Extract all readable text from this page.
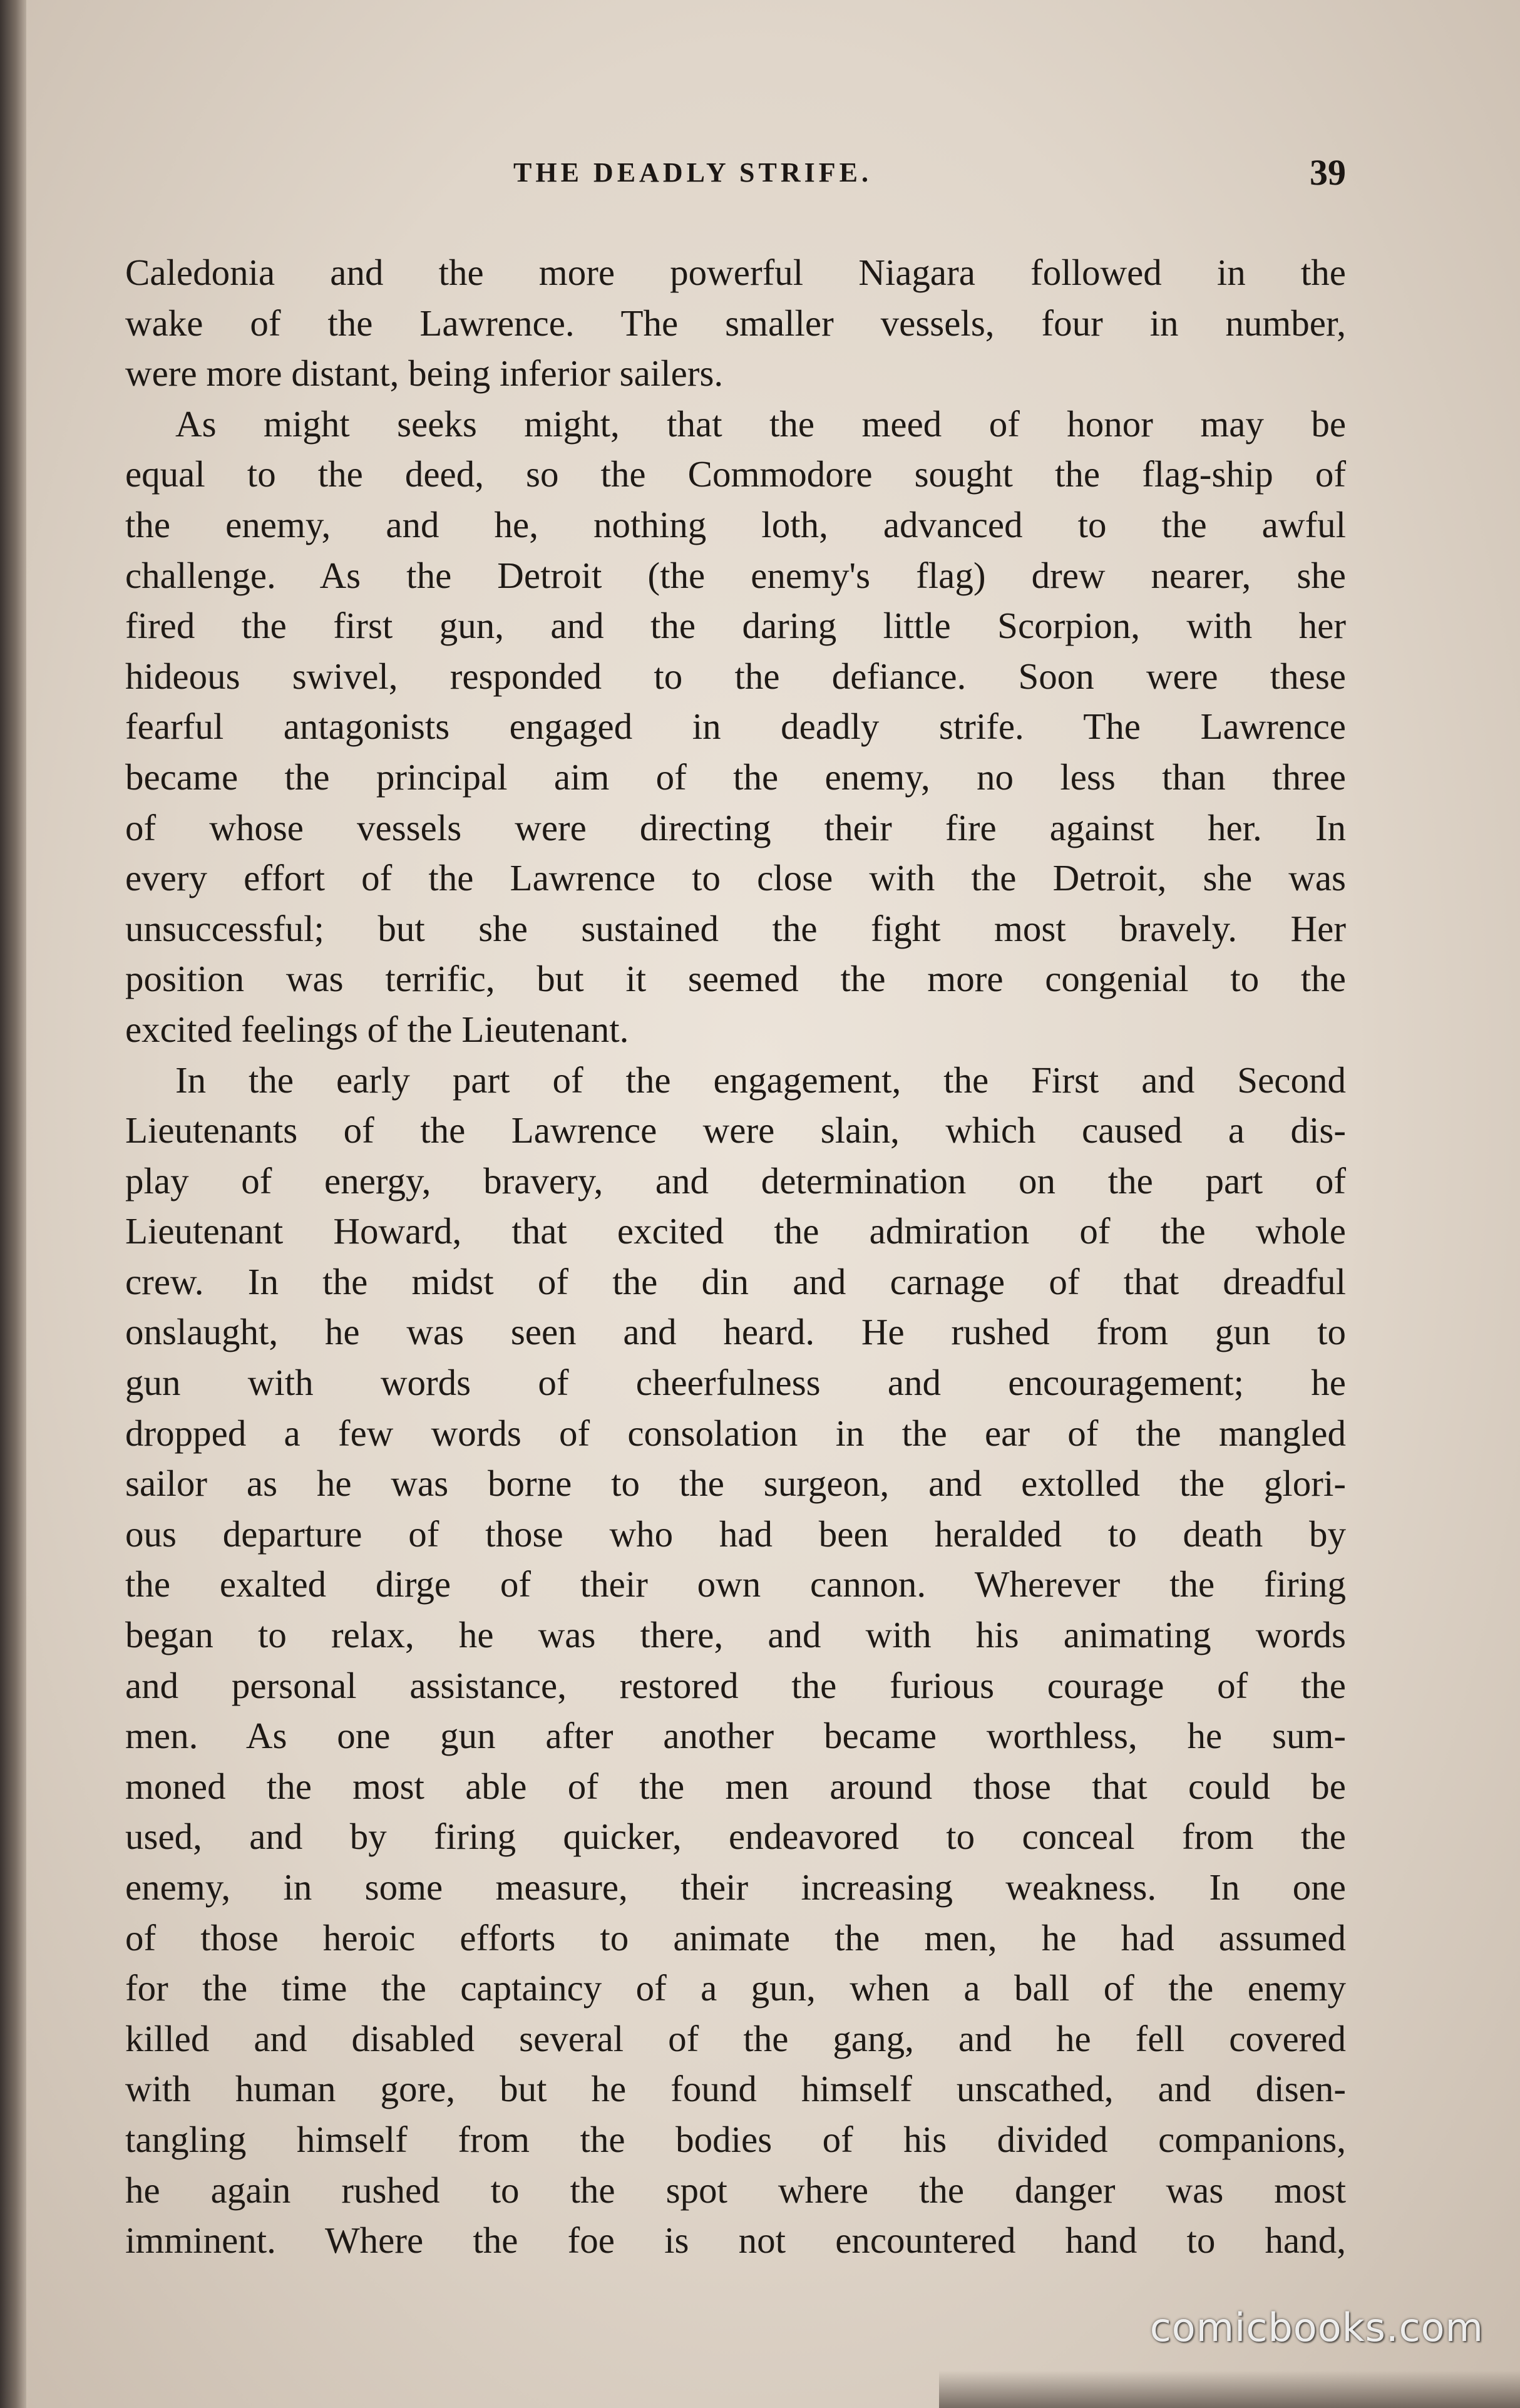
THE DEADLY STRIFE.	39
Caledonia and the more powerful Niagara followed in the
wake of the Lawrence. The smaller vessels, four in number,
were more distant, being inferior sailers.
As might seeks might, that the meed of honor may be
equal to the deed, so the Commodore sought the flag-ship of
the enemy, and he, nothing loth, advanced to the awful
challenge. As the Detroit (the enemy's flag) drew nearer, she
fired the first gun, and the daring little Scorpion, with her
hideous swivel, responded to the defiance. Soon were these
fearful antagonists engaged in deadly strife. The Lawrence
became the principal aim of the enemy, no less than three
of whose vessels were directing their fire against her. In
every effort of the Lawrence to close with the Detroit, she was
unsuccessful; but she sustained the fight most bravely. Her
position was terrific, but it seemed the more congenial to the
excited feelings of the Lieutenant.
In the early part of the engagement, the First and Second
Lieutenants of the Lawrence were slain, which caused a dis-
play of energy, bravery, and determination on the part of
Lieutenant Howard, that excited the admiration of the whole
crew. In the midst of the din and carnage of that dreadful
onslaught, he was seen and heard. He rushed from gun to
gun with words of cheerfulness and encouragement; he
dropped a few words of consolation in the ear of the mangled
sailor as he was borne to the surgeon, and extolled the glori-
ous departure of those who had been heralded to death by
the exalted dirge of their own cannon. Wherever the firing
began to relax, he was there, and with his animating words
and personal assistance, restored the furious courage of the
men. As one gun after another became worthless, he sum-
moned the most able of the men around those that could be
used, and by firing quicker, endeavored to conceal from the
enemy, in some measure, their increasing weakness. In one
of those heroic efforts to animate the men, he had assumed
for the time the captaincy of a gun, when a ball of the enemy
killed and disabled several of the gang, and he fell covered
with human gore, but he found himself unscathed, and disen-
tangling himself from the bodies of his divided companions,
he again rushed to the spot where the danger was most
imminent. Where the foe is not encountered hand to hand,
comicbooks.com
